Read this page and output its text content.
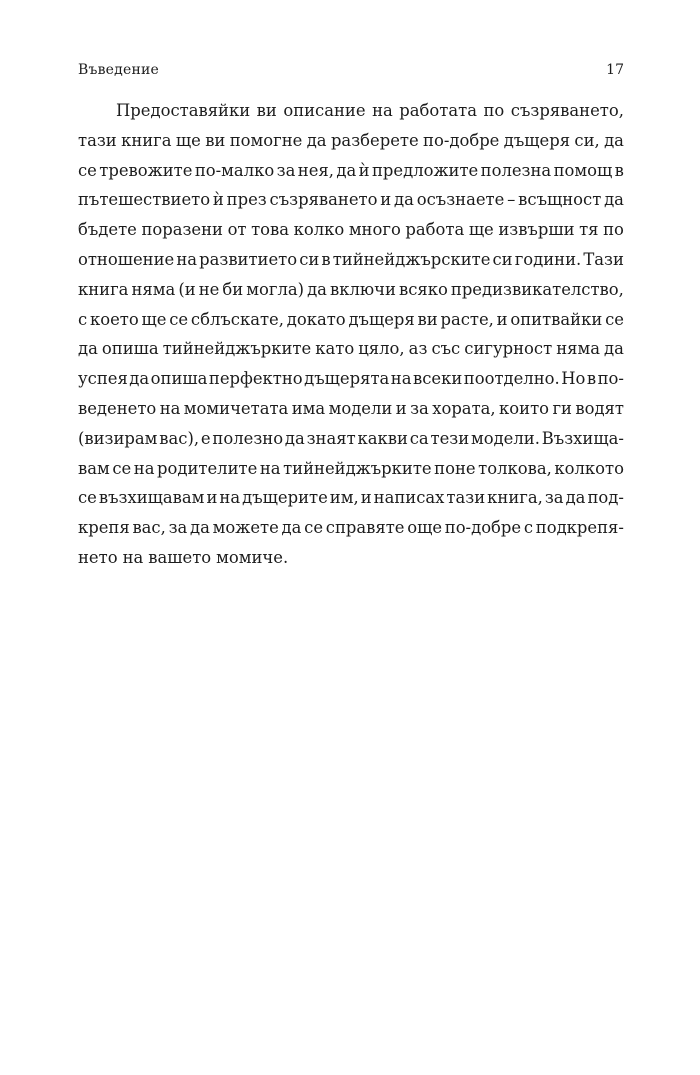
Въведение	17
Предоставяйки ви описание на работата по съзряването,
тази книга ще ви помогне да разберете по-добре дъщеря си, да
се тревожите по-малко за нея, да ѝ предложите полезна помощ в
пътешествието ѝ през съзряването и да осъзнаете – всъщност да
бъдете поразени от това колко много работа ще извърши тя по
отношение на развитието си в тийнейджърските си години. Тази
книга няма (и не би могла) да включи всяко предизвикателство,
с което ще се сблъскате, докато дъщеря ви расте, и опитвайки се
да опиша тийнейджърките като цяло, аз със сигурност няма да
успея да опиша перфектно дъщерята на всеки поотделно. Но в по-
веденето на момичетата има модели и за хората, които ги водят
(визирам вас), е полезно да знаят какви са тези модели. Възхища-
вам се на родителите на тийнейджърките поне толкова, колкото
се възхищавам и на дъщерите им, и написах тази книга, за да под-
крепя вас, за да можете да се справяте още по-добре с подкрепя-
нето на вашето момиче.
